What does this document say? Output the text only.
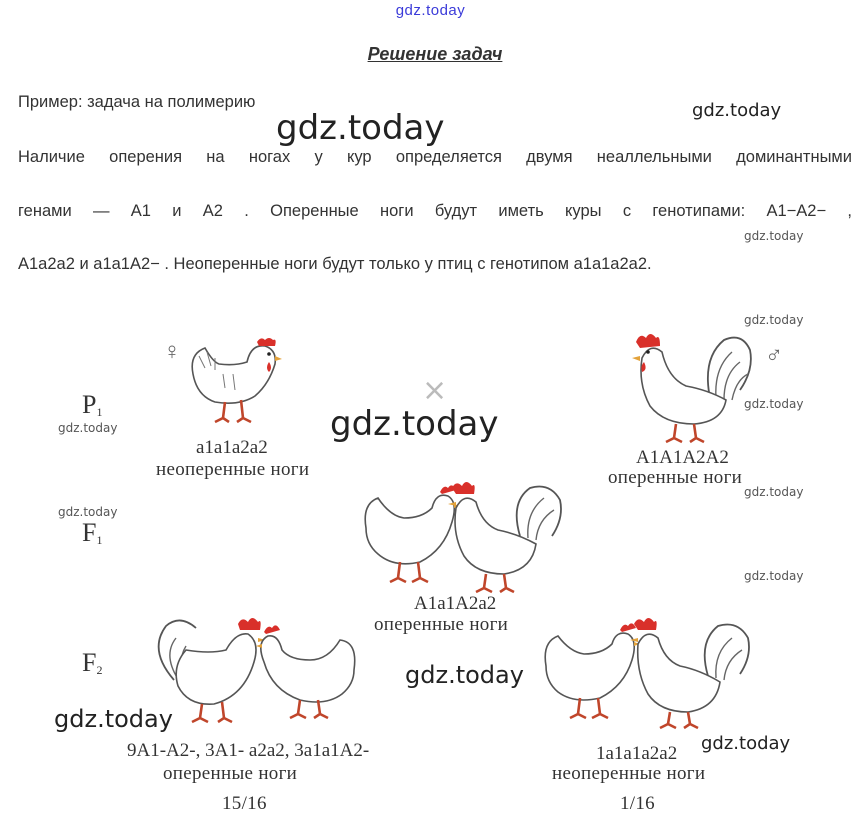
gdz.today
Решение задач
Пример: задача на полимерию
Наличие оперения на ногах у кур определяется двумя неаллельными доминантными
генами — A1 и A2 . Оперенные ноги будут иметь куры с генотипами: A1−A2− ,
A1a2a2 и a1a1A2− . Неоперенные ноги будут только у птиц с генотипом a1a1a2a2.
gdz.today
gdz.today
gdz.today
gdz.today
gdz.today
gdz.today	gdz.today
gdz.today
gdz.today
gdz.today
gdz.today
gdz.today
gdz.today
$P_1$
$F_1$
$F_2$
♀	♂
×
a1a1a2a2
неоперенные ноги
A1A1A2A2
оперенные ноги
A1a1A2a2
оперенные ноги
9A1-A2-, 3A1- a2a2, 3a1a1A2-
оперенные ноги
15/16
1a1a1a2a2
неоперенные ноги
1/16
